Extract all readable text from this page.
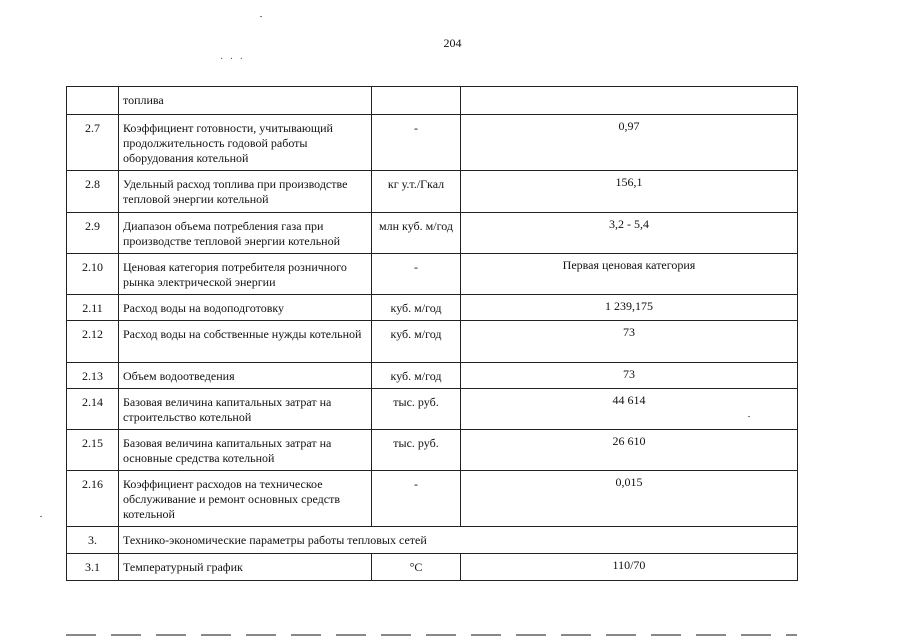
204
· · ·
	топлива		
2.7	Коэффициент готовности, учитывающий продолжительность годовой работы оборудования котельной	-	0,97
2.8	Удельный расход топлива при производстве тепловой энергии котельной	кг у.т./Гкал	156,1
2.9	Диапазон объема потребления газа при производстве тепловой энергии котельной	млн куб. м/год	3,2 - 5,4
2.10	Ценовая категория потребителя розничного рынка электрической энергии	-	Первая ценовая категория
2.11	Расход воды на водоподготовку	куб. м/год	1 239,175
2.12	Расход воды на собственные нужды котельной	куб. м/год	73
2.13	Объем водоотведения	куб. м/год	73
2.14	Базовая величина капитальных затрат на строительство котельной	тыс. руб.	44 614
2.15	Базовая величина капитальных затрат на основные средства котельной	тыс. руб.	26 610
2.16	Коэффициент расходов на техническое обслуживание и ремонт основных средств котельной	-	0,015
3.	Технико-экономические параметры работы тепловых сетей		
3.1	Температурный график	°С	110/70
